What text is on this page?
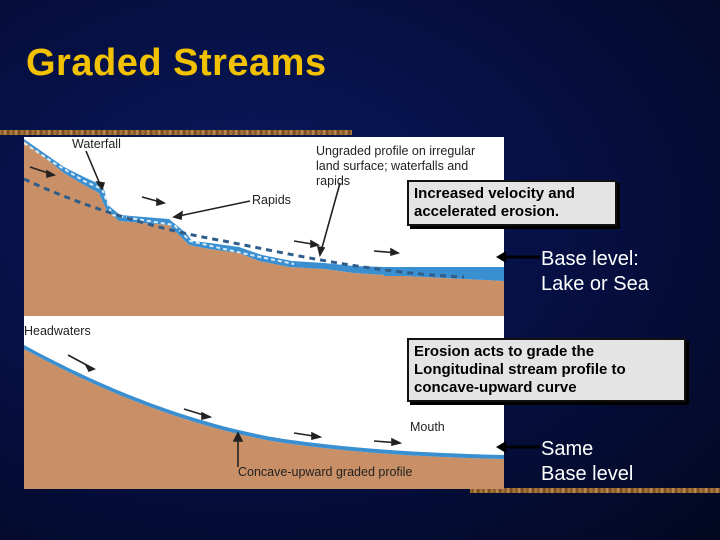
Graded Streams
Waterfall
Rapids
Ungraded profile on irregular
land surface; waterfalls and
rapids
Headwaters
Mouth
Concave-upward graded profile
Increased velocity and
accelerated erosion.
Erosion acts to grade the
Longitudinal stream profile to
concave-upward curve
Base level:
Lake or Sea
Same
Base level
